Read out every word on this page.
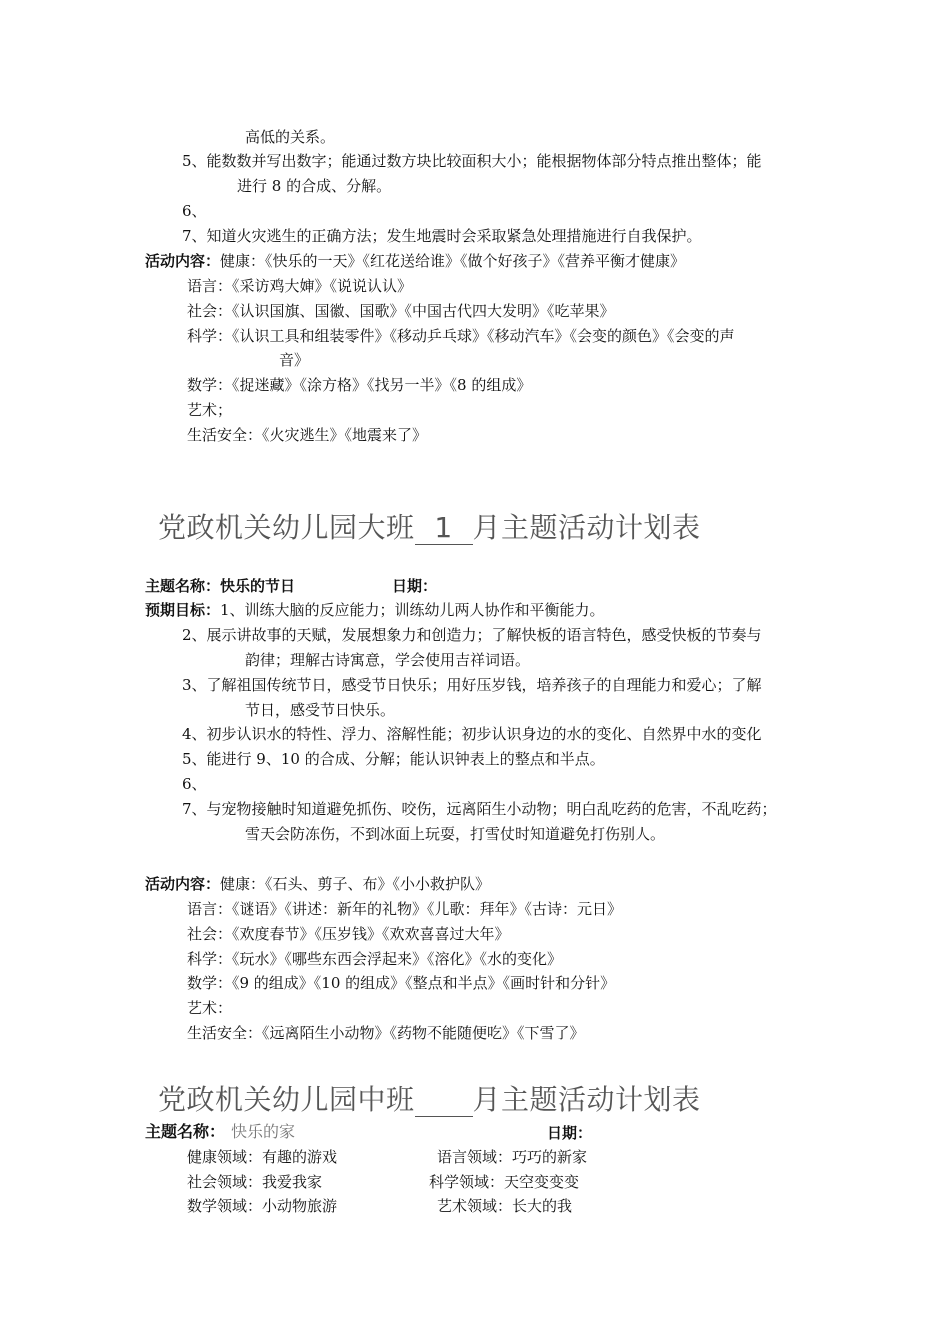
高低的关系。
5、能数数并写出数字；能通过数方块比较面积大小；能根据物体部分特点推出整体；能
进行 8 的合成、分解。
6、
7、知道火灾逃生的正确方法；发生地震时会采取紧急处理措施进行自我保护。
活动内容：健康：《快乐的一天》《红花送给谁》《做个好孩子》《营养平衡才健康》
语言：《采访鸡大婶》《说说认认》
社会：《认识国旗、国徽、国歌》《中国古代四大发明》《吃苹果》
科学：《认识工具和组装零件》《移动乒乓球》《移动汽车》《会变的颜色》《会变的声
音》
数学：《捉迷藏》《涂方格》《找另一半》《8 的组成》
艺术；
生活安全：《火灾逃生》《地震来了》
党政机关幼儿园大班 1 月主题活动计划表
主题名称：快乐的节日	日期：
预期目标：1、训练大脑的反应能力；训练幼儿两人协作和平衡能力。
2、展示讲故事的天赋，发展想象力和创造力；了解快板的语言特色，感受快板的节奏与
韵律；理解古诗寓意，学会使用吉祥词语。
3、了解祖国传统节日，感受节日快乐；用好压岁钱，培养孩子的自理能力和爱心；了解
节日，感受节日快乐。
4、初步认识水的特性、浮力、溶解性能；初步认识身边的水的变化、自然界中水的变化
5、能进行 9、10 的合成、分解；能认识钟表上的整点和半点。
6、
7、与宠物接触时知道避免抓伤、咬伤，远离陌生小动物；明白乱吃药的危害，不乱吃药；
雪天会防冻伤，不到冰面上玩耍，打雪仗时知道避免打伤别人。
活动内容：健康：《石头、剪子、布》《小小救护队》
语言：《谜语》《讲述：新年的礼物》《儿歌：拜年》《古诗：元日》
社会：《欢度春节》《压岁钱》《欢欢喜喜过大年》
科学：《玩水》《哪些东西会浮起来》《溶化》《水的变化》
数学：《9 的组成》《10 的组成》《整点和半点》《画时针和分针》
艺术：
生活安全：《远离陌生小动物》《药物不能随便吃》《下雪了》
党政机关幼儿园中班 月主题活动计划表
主题名称： 快乐的家	日期：
健康领域：有趣的游戏	语言领域：巧巧的新家
社会领域：我爱我家	科学领域：天空变变变
数学领域：小动物旅游	艺术领域：长大的我
